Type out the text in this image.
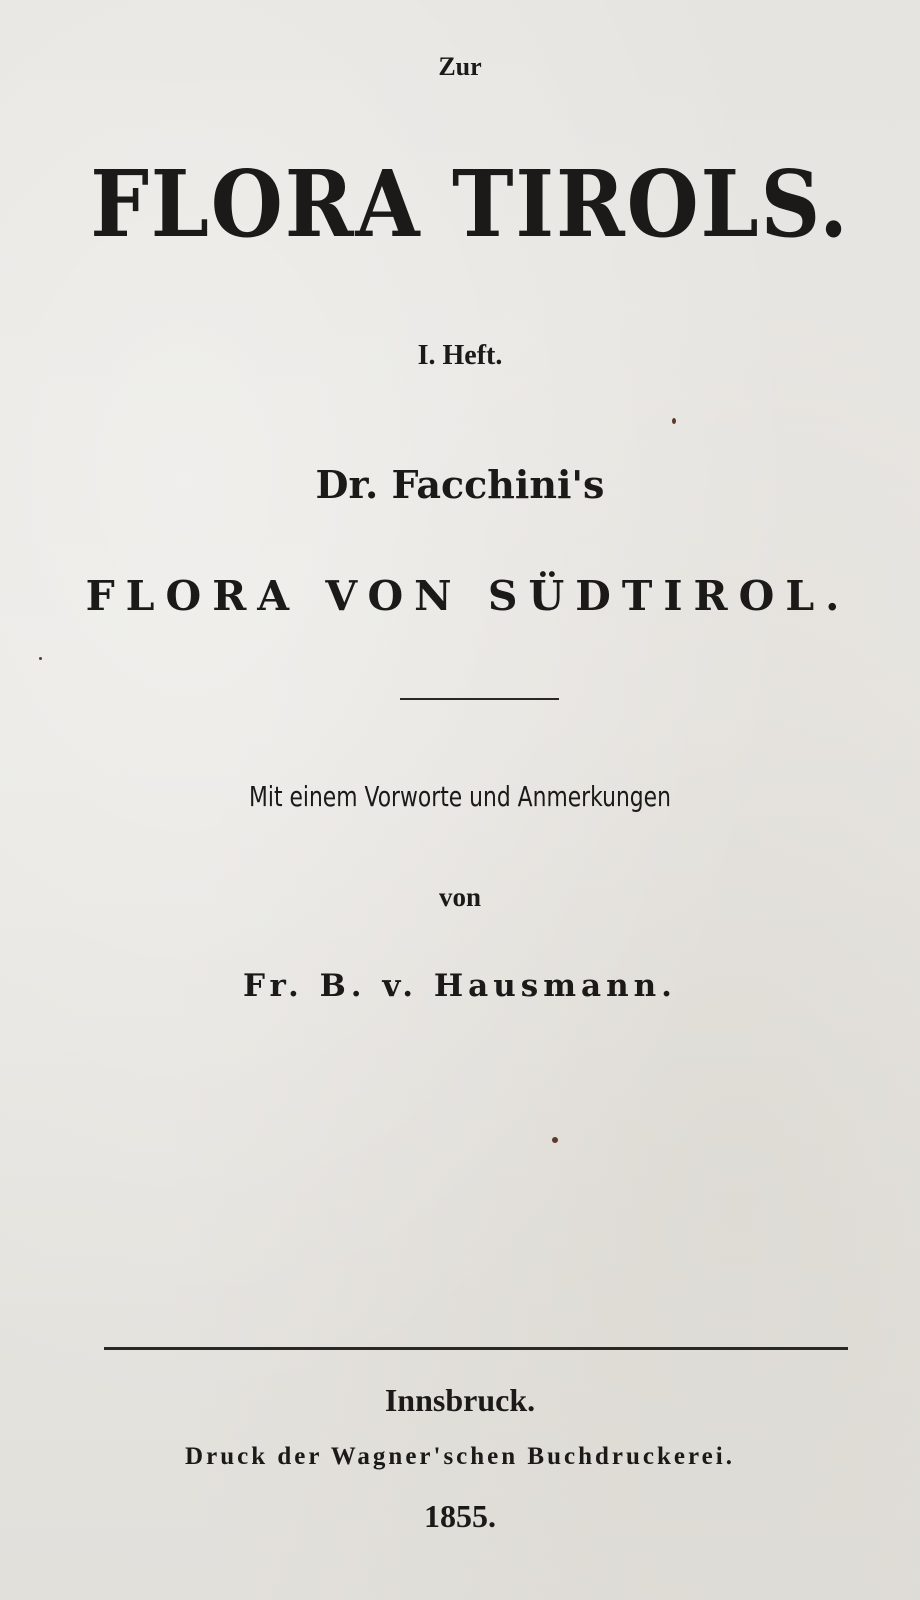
Zur
FLORA TIROLS.
I. Heft.
Dr. Facchini's
FLORA VON SÜDTIROL.
Mit einem Vorworte und Anmerkungen
von
Fr. B. v. Hausmann.
Innsbruck.
Druck der Wagner'schen Buchdruckerei.
1855.
